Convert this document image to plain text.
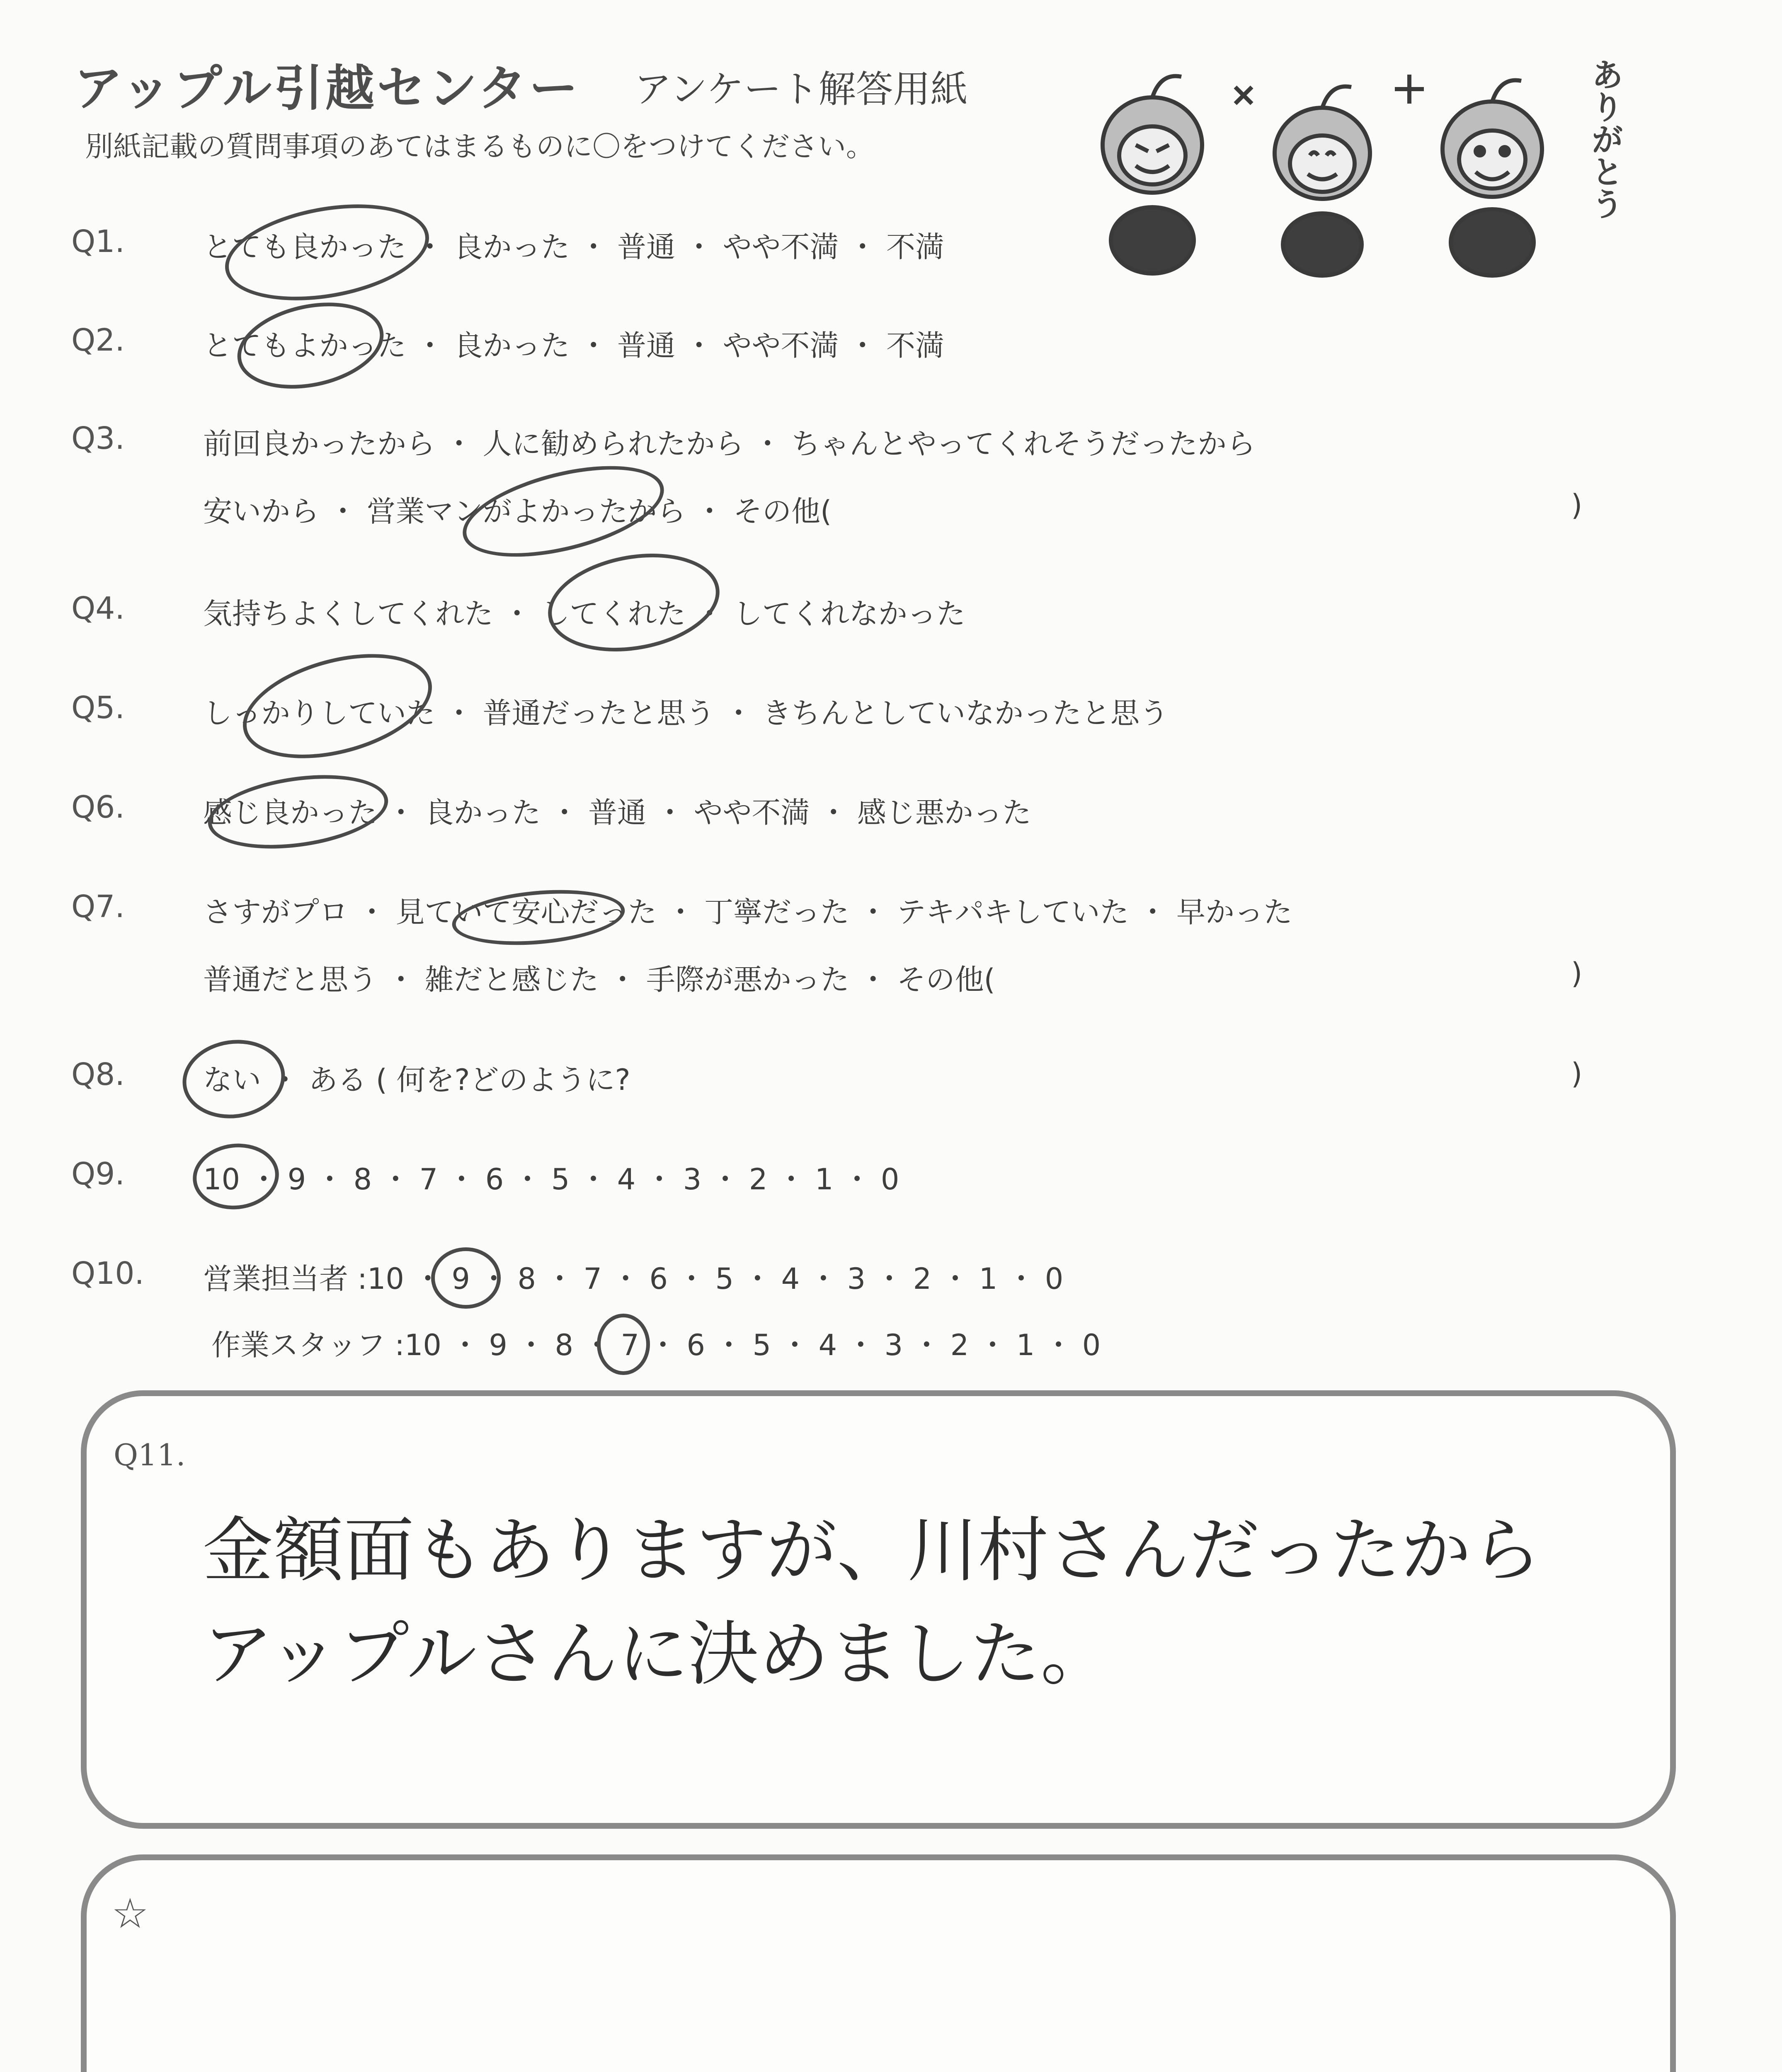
アップル引越センター アンケート解答用紙
別紙記載の質問事項のあてはまるものに〇をつけてください。	ありがとう
Q1.	とても良かった ・ 良かった ・ 普通 ・ やや不満 ・ 不満
Q2.	とてもよかった ・ 良かった ・ 普通 ・ やや不満 ・ 不満
Q3.	前回良かったから ・ 人に勧められたから ・ ちゃんとやってくれそうだったから
安いから ・ 営業マンがよかったから ・ その他(	)
Q4.	気持ちよくしてくれた ・ してくれた ・ してくれなかった
Q5.	しっかりしていた ・ 普通だったと思う ・ きちんとしていなかったと思う
Q6.	感じ良かった ・ 良かった ・ 普通 ・ やや不満 ・ 感じ悪かった
Q7.	さすがプロ ・ 見ていて安心だった ・ 丁寧だった ・ テキパキしていた ・ 早かった
普通だと思う ・ 雑だと感じた ・ 手際が悪かった ・ その他(	)
Q8.	ない ・ ある ( 何を?どのように?	)
Q9.	10 ・ 9 ・ 8 ・ 7 ・ 6 ・ 5 ・ 4 ・ 3 ・ 2 ・ 1 ・ 0
Q10. 営業担当者 :10 ・ 9 ・ 8 ・ 7 ・ 6 ・ 5 ・ 4 ・ 3 ・ 2 ・ 1 ・ 0
作業スタッフ :10 ・ 9 ・ 8 ・ 7 ・ 6 ・ 5 ・ 4 ・ 3 ・ 2 ・ 1 ・ 0
Q11.
金額面もありますが、川村さんだったから
アップルさんに決めました。
☆
